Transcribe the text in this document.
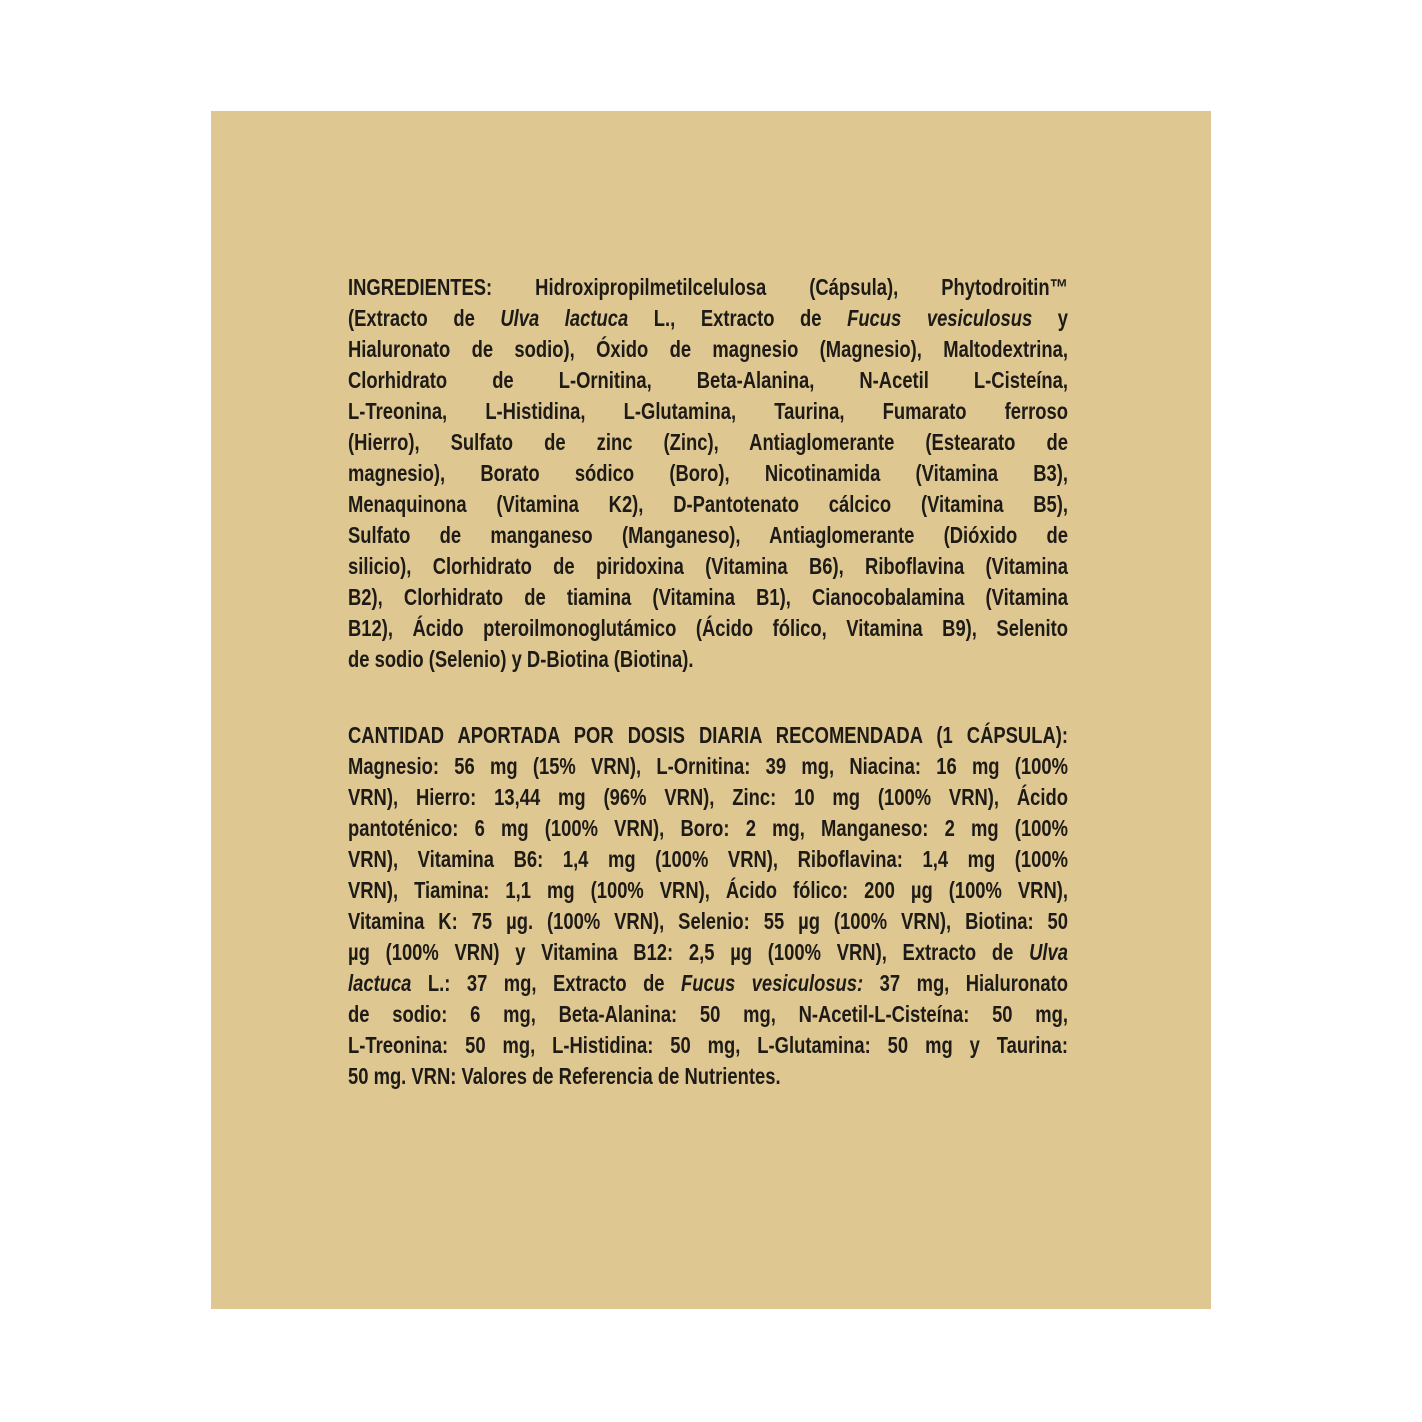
INGREDIENTES: Hidroxipropilmetilcelulosa (Cápsula), Phytodroitin™
(Extracto de Ulva lactuca L., Extracto de Fucus vesiculosus y
Hialuronato de sodio), Óxido de magnesio (Magnesio), Maltodextrina,
Clorhidrato de L-Ornitina, Beta-Alanina, N-Acetil L-Cisteína,
L-Treonina, L-Histidina, L-Glutamina, Taurina, Fumarato ferroso
(Hierro), Sulfato de zinc (Zinc), Antiaglomerante (Estearato de
magnesio), Borato sódico (Boro), Nicotinamida (Vitamina B3),
Menaquinona (Vitamina K2), D-Pantotenato cálcico (Vitamina B5),
Sulfato de manganeso (Manganeso), Antiaglomerante (Dióxido de
silicio), Clorhidrato de piridoxina (Vitamina B6), Riboflavina (Vitamina
B2), Clorhidrato de tiamina (Vitamina B1), Cianocobalamina (Vitamina
B12), Ácido pteroilmonoglutámico (Ácido fólico, Vitamina B9), Selenito
de sodio (Selenio) y D-Biotina (Biotina).
CANTIDAD APORTADA POR DOSIS DIARIA RECOMENDADA (1 CÁPSULA):
Magnesio: 56 mg (15% VRN), L-Ornitina: 39 mg, Niacina: 16 mg (100%
VRN), Hierro: 13,44 mg (96% VRN), Zinc: 10 mg (100% VRN), Ácido
pantoténico: 6 mg (100% VRN), Boro: 2 mg, Manganeso: 2 mg (100%
VRN), Vitamina B6: 1,4 mg (100% VRN), Riboflavina: 1,4 mg (100%
VRN), Tiamina: 1,1 mg (100% VRN), Ácido fólico: 200 µg (100% VRN),
Vitamina K: 75 µg. (100% VRN), Selenio: 55 µg (100% VRN), Biotina: 50
µg (100% VRN) y Vitamina B12: 2,5 µg (100% VRN), Extracto de Ulva
lactuca L.: 37 mg, Extracto de Fucus vesiculosus: 37 mg, Hialuronato
de sodio: 6 mg, Beta-Alanina: 50 mg, N-Acetil-L-Cisteína: 50 mg,
L-Treonina: 50 mg, L-Histidina: 50 mg, L-Glutamina: 50 mg y Taurina:
50 mg. VRN: Valores de Referencia de Nutrientes.
